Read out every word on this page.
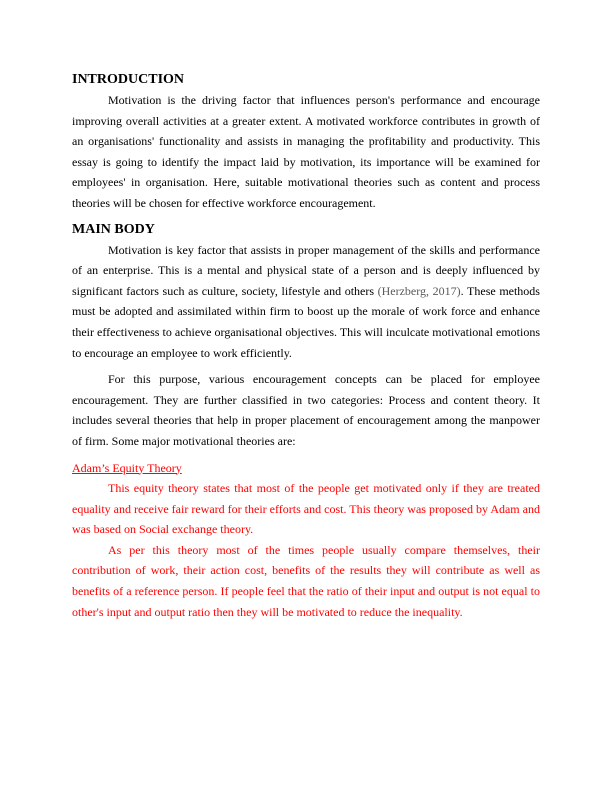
INTRODUCTION

Motivation is the driving factor that influences person's performance and encourage improving overall activities at a greater extent. A motivated workforce contributes in growth of an organisations' functionality and assists in managing the profitability and productivity. This essay is going to identify the impact laid by motivation, its importance will be examined for employees' in organisation. Here, suitable motivational theories such as content and process theories will be chosen for effective workforce encouragement.

MAIN BODY

Motivation is key factor that assists in proper management of the skills and performance of an enterprise. This is a mental and physical state of a person and is deeply influenced by significant factors such as culture, society, lifestyle and others (Herzberg, 2017). These methods must be adopted and assimilated within firm to boost up the morale of work force and enhance their effectiveness to achieve organisational objectives. This will inculcate motivational emotions to encourage an employee to work efficiently.

For this purpose, various encouragement concepts can be placed for employee encouragement. They are further classified in two categories: Process and content theory. It includes several theories that help in proper placement of encouragement among the manpower of firm. Some major motivational theories are:

Adam’s Equity Theory

This equity theory states that most of the people get motivated only if they are treated equality and receive fair reward for their efforts and cost. This theory was proposed by Adam and was based on Social exchange theory.

As per this theory most of the times people usually compare themselves, their contribution of work, their action cost, benefits of the results they will contribute as well as benefits of a reference person. If people feel that the ratio of their input and output is not equal to other's input and output ratio then they will be motivated to reduce the inequality.
